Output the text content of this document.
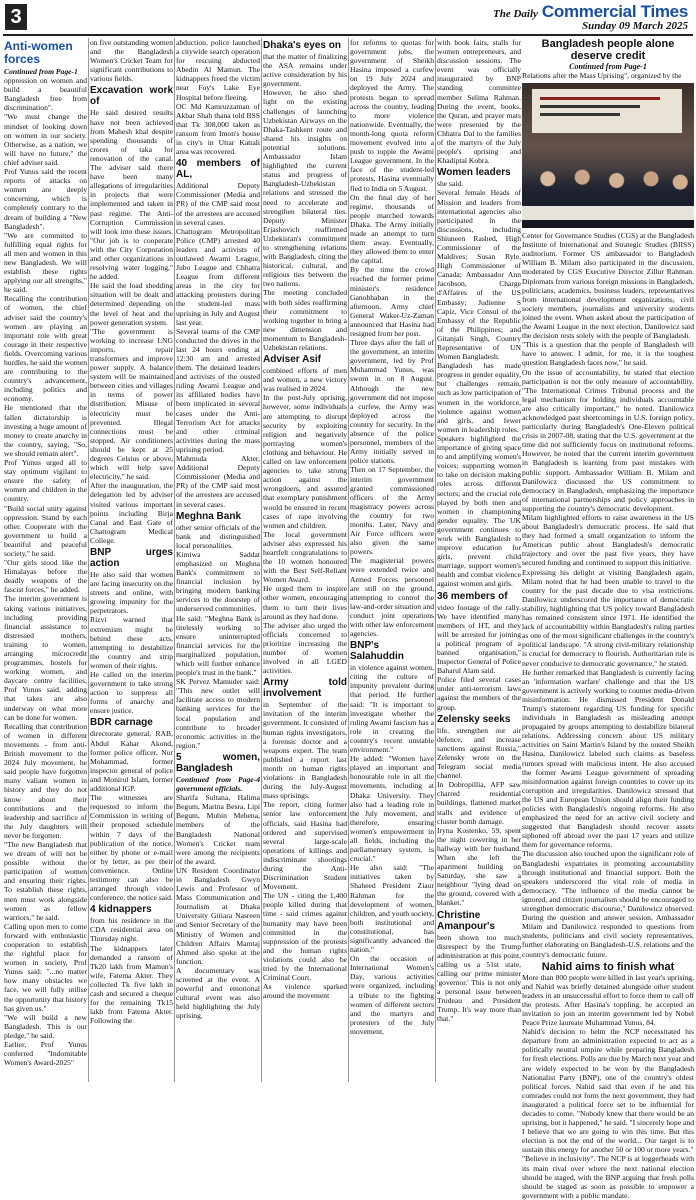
3	The Daily Commercial Times
Sunday 09 March 2025
Anti-women forces
Continued from Page-1

oppression on women and build a beautiful Bangladesh free from discrimination".

"We must change the mindset of looking down on women in our society. Otherwise, as a nation, we will have no future," the chief adviser said.

Prof Yunus said the recent reports of attacks on women are deeply concerning, which is completely contrary to the dream of building a "New Bangladesh".

"We are committed to fulfilling equal rights for all men and women in this new Bangladesh. We will establish these rights applying our all strengths," he said.

Recalling the contribution of women, the chief adviser said the country's women are playing an important role with great courage in their respective fields. Overcoming various hurdles, he said the women are contributing to the country's advancement, including politics and economy.

He mentioned that the fallen dictatorship is investing a huge amount of money to create anarchy in the country, saying, "So, we should remain alert".

Prof Yunus urged all to stay optimum vigilant to ensure the safety of women and children in the country.

"Build social unity against oppression. Stand by each other. Cooperate with the government to build a beautiful and peaceful society," he said.

"Our girls stood like the Himalayas before the deadly weapons of the fascist forces," he added.

The interim government is taking various initiatives, including providing financial assistance to distressed mothers, training to women, arranging microcredit programmes, hostels for working women, and daycare centre facilities, Prof Yunus said, adding that takes are also underway on what more can be done for women.

Recalling that contribution of women in different movements - from anti-British movement to the 2024 July movement, he said people have forgotten many valiant women in history and they do not know about their contributions and the leadership and sacrifice of the July daughters will never be forgotten.

"The new Bangladesh that we dream of will not be possible without the participation of women and ensuring their rights. To establish these rights, men must work alongside women as fellow warriors," he said.

Calling upon men to come forward with enthusiastic cooperation to establish the rightful place for women in society, Prof Yunus said: "...no matter how many obstacles we face, we will fully utilise the opportunity that history has given us."

"We will build a new Bangladesh. This is our pledge," he said.

Earlier, Prof Yunus conferred "Indomitable Women's Award-2025"

on five outstanding women and the Bangladesh Women's Cricket Team for significant contributions to various fields.

Excavation work of

He said desired results have not been achieved from Mahesh khal despite spending thousands of crores of taka for renovation of the canal. The adviser said there have been many allegations of irregularities in projects that were implemented and taken in past regime. The Anti-Corruption Commission will look into these issues. "Our job is to cooperate with the City Corporation and other organizations in resolving water logging," he added.

He said the load shedding situation will be dealt and determined depending on the level of heat and the power generation system.

"The government is working to increase LNG imports, repair transformers and improve power supply. A balance system will be maintained between cities and villages in terms of power distribution. Misuse of electricity must be prevented. Illegal connections must be stopped. Air conditioners should be kept at 25 degrees Celsius or above, which will help save electricity," he said.

After the inauguration, the delegation led by adviser visited various important points including Birja Canal and East Gate of Chattogram Medical College.

BNP urges action

He also said that women are facing insecurity on the streets and online, with growing impunity for the perpetrators.

Rizvi warned that extremism might be behind these acts, attempting to destabilize the country and strip women of their rights.

He called on the interim government to take strong action to suppress all forms of anarchy and ensure justice.

BDR carnage

directorate general, RAB, Abdul Kahar Akond, former police officer, Nur Mohammad, former inspector general of police and Monirul Islam, former additional IGP.

The witnesses are requested to inform the Commission in writing of their proposed schedule within 7 days of the publication of the notice, either by phone or e-mail or by letter, as per their convenience. Online testimony can also be arranged through video conference, the notice said.

4 kidnappers

from his residence in the CDA residential area on Thursday night.

The kidnappers later demanded a ransom of Tk20 lakh from Mamun's wife, Fatema Akter. They collected Tk five lakh in cash and secured a cheque for the remaining Tk15 lakh from Fatema Akter. Following the

abduction, police launched a citywide search operation for rescuing abducted Abedin Al Mamun. The kidnappers freed the victim near Foy's Lake Eye Hospital before fleeing.

OC Md Kamruzzaman of Akbar Shah thana told BSS that Tk 308,000 taken as ransom from Imon's house in city's in Uttar Kattali area was recovered.

40 members of AL,

Additional Deputy Commissioner (Media and PR) of the CMP said most of the arrestees are accused in several cases.

Chattogram Metropolitan Police (CMP) arrested 40 leaders and activists of outlawed Awami League, Jubo League and Chhatra League from different areas in the city for attacking protesters during the student-led mass uprising in July and August last year.

Several teams of the CMP conducted the drives in the last 24 hours ending at 12:30 am and arrested them. The detained leaders and activists of the ousted ruling Awami League and its affiliated bodies have been implicated in several cases under the Anti-Terrorism Act for attacks and other criminal activities during the mass uprising period.

Mahmuda Akter, Additional Deputy Commissioner (Media and PR) of the CMP said most of the arrestees are accused in several cases.

Meghna Bank

other senior officials of the bank and distinguished local personalities.

Kimiwa Saddat emphasized on Meghna Bank's commitment to financial inclusion by bringing modern banking services to the doorstep of underserved communities.

He said: "Meghna Bank is tirelessly working to ensure uninterrupted financial services for the marginalized population, which will further enhance people's trust in the bank."

SK Pervez Mamuder said: "This new outlet will facilitate access to modern banking services for the local population and contribute to broader economic activities in the region."

5 women, Bangladesh
Continued from Page-4 government officials.

Sharifa Sultana, Halima Begum, Marina Besra, Lipi Begum, Mubin Mehena, members of the Bangladesh National Women's Cricket team were among the recipients of the award.

UN Resident Coordinator in Bangladesh Gwyn Lewis and Professor of Mass Communication and Journalism at Dhaka University Gitiara Nasreen and Senior Secretary of the Ministry of Women and Children Affairs Mamtaj Ahmed also spoke at the function.

A documentary was screened at the event. A powerful and emotional cultural event was also held highlighting the July uprising.

Dhaka's eyes on

that the matter of finalizing the ASA remains under active consideration by his government.

However, he also shed light on the existing challenges of launching Uzbekistan Airways on the Dhaka-Tashkent route and shared his insights on potential solutions. Ambassador Islam highlighted the current status and progress of Bangladesh-Uzbekistan relations and stressed the need to accelerate and strengthen bilateral ties. Deputy Minister Erjashovich reaffirmed Uzbekistan's commitment to strengthening relations with Bangladesh, citing the historical, cultural, and religious ties between the two nations.

The meeting concluded with both sides reaffirming their commitment to working together to bring a new dimension and momentum to Bangladesh-Uzbekistan relations.

Adviser Asif

combined efforts of men and women, a new victory was realised in 2024.

In the post-July uprising, however, some individuals are attempting to disrupt security by exploiting religion and negatively portraying women's clothing and behaviour. He called on law enforcement agencies to take strong action against the wrongdoers, and assured that exemplary punishment would be ensured in recent cases of rape involving women and children.

The local government adviser also expressed his heartfelt congratulations to the 10 women honoured with the Best Self-Reliant Women Award.

He urged them to inspire other women, encouraging them to turn their lives around as they had done.

The adviser also urged the officials concerned to prioritize increasing the number of women involved in all LGED activities.

Army told involvement

in September of the invitation of the interim government. It consisted of human rights investigators, a forensic doctor and a weapons expert. The team published a report last month on human rights violations in Bangladesh during the July-August mass uprisings.

The report, citing former senior law enforcement officials, said Hasina had ordered and supervised several large-scale operations of killings and indiscriminate shootings during the Anti-Discrimination Student Movement.

The UN - citing the 1,400 people killed during that time - said crimes against humanity may have been committed in the suppression of the protests and the human rights violations could also be tried by the International Criminal Court.

As violence sparked around the movement

for reforms to quotas for government jobs, the government of Sheikh Hasina imposed a curfew on 19 July 2024 and deployed the Army. The protests began to spread across the country, leading to more violence nationwide. Eventually, the month-long quota reform movement evolved into a push to topple the Awami League government. In the face of the student-led protests, Hasina eventually fled to India on 5 August.

On the final day of her regime, thousands of people marched towards Dhaka. The Army initially made an attempt to turn them away. Eventually, they allowed them to enter the capital.

By the time the crowd reached the former prime minister's residence Ganobhaban in the afternoon, Army chief General Waker-Uz-Zaman announced that Hasina had resigned from her post.

Three days after the fall of the government, an interim government, led by Prof Muhammad Yunus, was sworn in on 8 August. Although the new government did not impose a curfew, the Army was deployed across the country for security. In the absence of the police personnel, members of the Army initially served in police stations.

Then on 17 September, the interim government granted commissioned officers of the Army magistracy powers across the country for two months. Later, Navy and Air Force officers were also given the same powers.

The magisterial powers were extended twice and Armed Forces personnel are still on the ground, attempting to control the law-and-order situation and conduct joint operations with other law enforcement agencies.

BNP's Salahuddin

in violence against women, citing the culture of impunity prevalent during that period. He further said: "It is important to investigate whether the ruling Awami fascism has a role in creating the country's recent unstable environment."

He added: "Women have played an important and honourable role in all the movements, including at Dhaka University. They also had a leading role in the July movement, and therefore, ensuring women's empowerment in all fields, including the parliamentary system, is crucial."

He also said: "The initiatives taken by Shaheed President Ziaur Rahman for the development of women, children, and youth society, both institutional and constitutional, has significantly advanced the nation."

On the occasion of International Women's Day, various activities were organized, including a tribute to the fighting women of different sectors and the martyrs and protesters of the July movement,

with book fairs, stalls for women entrepreneurs, and discussion sessions. The event was officially inaugurated by BNP standing committee member Selima Rahman. During the event, books, the Quran, and prayer mats were presented by the Chhatra Dal to the families of the martyrs of the July people's uprising and Khadiptal Kobra.

Women leaders

she said.

Several female Heads of Mission and leaders from international agencies also participated in the discussions, including Shiuneen Rashed, High Commissioner of the Maldives; Susan Ryle, High Commissioner of Canada; Ambassador Ann Jacobson, Charge d'Affaires of the US Embassy; Judienne S Capiz, Vice Consul of the Embassy of the Republic of the Philippines; and Gitanjali Singh, Country Representative of UN Women Bangladesh.

Bangladesh has made progress in gender equality, but challenges remain, such as low participation of women in the workforce, violence against women and girls, and fewer women in leadership roles.

Speakers highlighted the importance of giving space to and amplifying women's voices; supporting women to take on decision making roles across different sectors; and the crucial role played by both men and women in championing gender equality. The UK government continues to work with Bangladesh to improve education for girls, prevent child marriage, support women's health and combat violence against women and girls.

36 members of

video footage of the rally. We have identified many members of HT, and they will be arrested for joining a political program of a banned organisation," Inspector General of Police Baharul Alam said.

Police filed several cases under anti-terrorism laws against the members of the group.

Zelensky seeks

life, strengthen our air defence, and increase sanctions against Russia," Zelensky wrote on the Telegram social media channel.

In Dobropillia, AFP saw charred residential buildings, flattened market stalls and evidence of cluster bomb damage.

Iryna Kostenko, 59, spent the night cowering in her hallway with her husband. When she left the apartment building on Saturday, she saw a neighbour "lying dead on the ground, covered with a blanket."

Christine Amanpour's

been shown too much disrespect by the Trump administration at this point, calling us a 51st state, calling our prime minister 'governor.' This is not only a personal issue between Trudeau and President Trump. It's way more than that."

Bangladesh people alone deserve credit
Continued from Page-1
Relations after the Mass Uprising", organized by the
Center for Governance Studies (CGS) at the Bangladesh Institute of International and Strategic Studies (BIISS) auditorium. Former US ambassador to Bangladesh William B. Milam also participated in the discussion, moderated by CGS Executive Director Zillur Rahman. Diplomats from various foreign missions in Bangladesh, politicians, academics, business leaders, representatives from international development organizations, civil society members, journalists and university students joined the event. When asked about the participation of the Awami League in the next election, Danilowicz said the decision rests solely with the people of Bangladesh.
"This is a question that the people of Bangladesh will have to answer. I admit, for me, it is the toughest question Bangladesh faces now," he said.
On the issue of accountability, he stated that election participation is not the only measure of accountability. "The International Crimes Tribunal process and the legal mechanism for holding individuals accountable are also critically important," he noted. Danilowicz acknowledged past shortcomings in U.S. foreign policy, particularly during Bangladesh's One-Eleven political crisis in 2007-08, stating that the U.S. government at the time did not sufficiently focus on institutional reforms. However, he noted that the current interim government in Bangladesh is learning from past mistakes with public support. Ambassador William B. Milam and Danilowicz discussed the US commitment to democracy in Bangladesh, emphasizing the importance of international partnerships and policy approaches in supporting the country's democratic development.
Milam highlighted efforts to raise awareness in the US about Bangladesh's democratic process. He said that they had formed a small organization to inform the American public about Bangladesh's democratic trajectory and over the past five years, they have secured funding and continued to support this initiative.
Expressing his delight at visiting Bangladesh again, Milam noted that he had been unable to travel to the country for the past decade due to visa restrictions. Danilowicz underscored the importance of democratic stability, highlighting that US policy toward Bangladesh has remained consistent since 1971. He identified the lack of accountability within Bangladesh's ruling parties as one of the most significant challenges in the country's political landscape. "A strong civil-military relationship is crucial for democracy to flourish. Authoritarian rule is never conducive to democratic governance," he stated.
He further remarked that Bangladesh is currently facing an 'information warfare' challenge and that the US government is actively working to counter media-driven misinformation. He dismissed President Donald Trump's statement regarding US funding for specific individuals in Bangladesh as misleading attempt propagated by groups attempting to destabilize bilateral relations. Addressing concern about US military activities on Saint Martin's Island by the ousted Sheikh Hasina, Danilowicz labeled such claims as baseless rumors spread with malicious intent. He also accused the former Awami League government of spreading misinformation against foreign countries to cover up its corruption and irregularities. Danilowicz stressed that the US and European Union should align their funding policies with Bangladesh's ongoing reforms. He also emphasized the need for an active civil society and suggested that Bangladesh should recover assets siphoned off abroad over the past 17 years and utilize them for governance reforms.
The discussion also touched upon the significant role of Bangladeshi expatriates in promoting accountability through institutional and financial support. Both the speakers underscored the vital role of media in democracy. "The influence of the media cannot be ignored, and citizen journalism should be encouraged to strengthen democratic discourse," Danilowicz observed. During the question and answer session, Ambassador Milam and Danilowicz responded to questions from students, politicians and civil society representatives, further elaborating on Bangladesh-U.S. relations and the country's democratic future.
Nahid aims to finish what
More than 800 people were killed in last year's uprising, and Nahid was briefly detained alongside other student leaders in an unsuccessful effort to force them to call off the protests. After Hasina's toppling, he accepted an invitation to join an interim government led by Nobel Peace Prize laureate Muhammad Yunus, 84.
Nahid's decision to helm the NCP necessitated his departure from an administration expected to act as a politically neutral umpire while preparing Bangladesh for fresh elections. Polls are due by March next year and are widely expected to be won by the Bangladesh Nationalist Party (BNP), one of the country's oldest political forces. Nahid said that even if he and his comrades could not form the next government, they had inaugurated a political force set to be influential for decades to come. "Nobody knew that there would be an uprising, but it happened," he said. "I sincerely hope and I believe that we are going to win this time. But this election is not the end of the world... Our target is to sustain this energy for another 50 or 100 or more years."
"Believe in inclusivity". The NCP is at loggerheads with its main rival over where the next national election should be staged, with the BNP arguing that fresh polls should be staged as soon as possible to empower a government with a public mandate.
